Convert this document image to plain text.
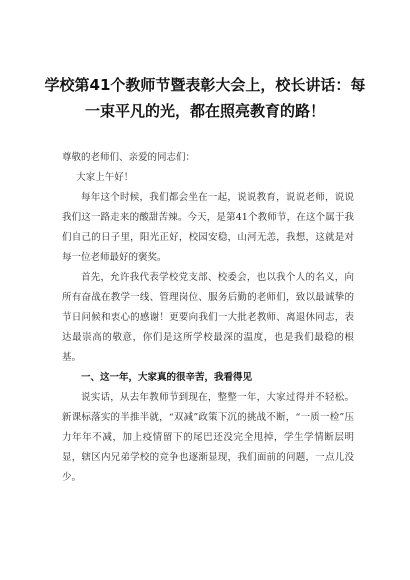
学校第41个教师节暨表彰大会上，校长讲话：每一束平凡的光，都在照亮教育的路！

尊敬的老师们、亲爱的同志们：

大家上午好！

每年这个时候，我们都会坐在一起，说说教育，说说老师，说说我们这一路走来的酸甜苦辣。今天，是第41个教师节，在这个属于我们自己的日子里，阳光正好，校园安稳，山河无恙，我想，这就是对每一位老师最好的褒奖。

首先，允许我代表学校党支部、校委会，也以我个人的名义，向所有奋战在教学一线、管理岗位、服务后勤的老师们，致以最诚挚的节日问候和衷心的感谢！更要向我们一大批老教师、离退休同志，表达最崇高的敬意，你们是这所学校最深的温度，也是我们最稳的根基。

一、这一年，大家真的很辛苦，我看得见

说实话，从去年教师节到现在，整整一年，大家过得并不轻松。新课标落实的半推半就，“双减”政策下沉的挑战不断，“一质一检”压力年年不减，加上疫情留下的尾巴还没完全甩掉，学生学情断层明显，辖区内兄弟学校的竞争也逐渐显现，我们面前的问题，一点儿没少。
